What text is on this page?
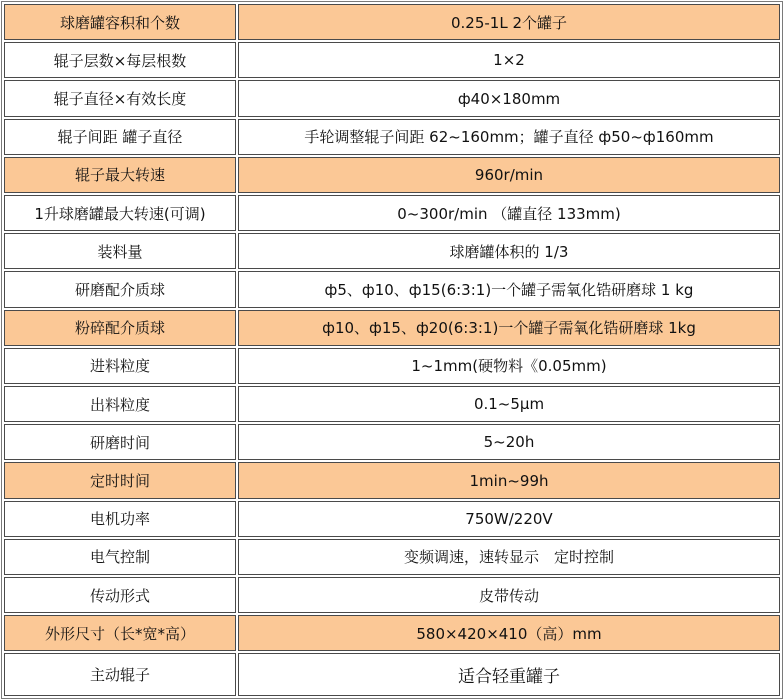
球磨罐容积和个数	0.25-1L 2个罐子
辊子层数×每层根数	1×2
辊子直径×有效长度	ф40×180mm
辊子间距 罐子直径	手轮调整辊子间距 62~160mm；罐子直径 ф50~ф160mm
辊子最大转速	960r/min
1升球磨罐最大转速(可调)	0~300r/min （罐直径 133mm)
装料量	球磨罐体积的 1/3
研磨配介质球	ф5、ф10、ф15(6:3:1)一个罐子需氧化锆研磨球 1 kg
粉碎配介质球	ф10、ф15、ф20(6:3:1)一个罐子需氧化锆研磨球 1kg
进料粒度	1~1mm(硬物料《0.05mm)
出料粒度	0.1~5μm
研磨时间	5~20h
定时时间	1min~99h
电机功率	750W/220V
电气控制	变频调速，速转显示　定时控制
传动形式	皮带传动
外形尺寸（长*宽*高）	580×420×410（高）mm
主动辊子	适合轻重罐子
